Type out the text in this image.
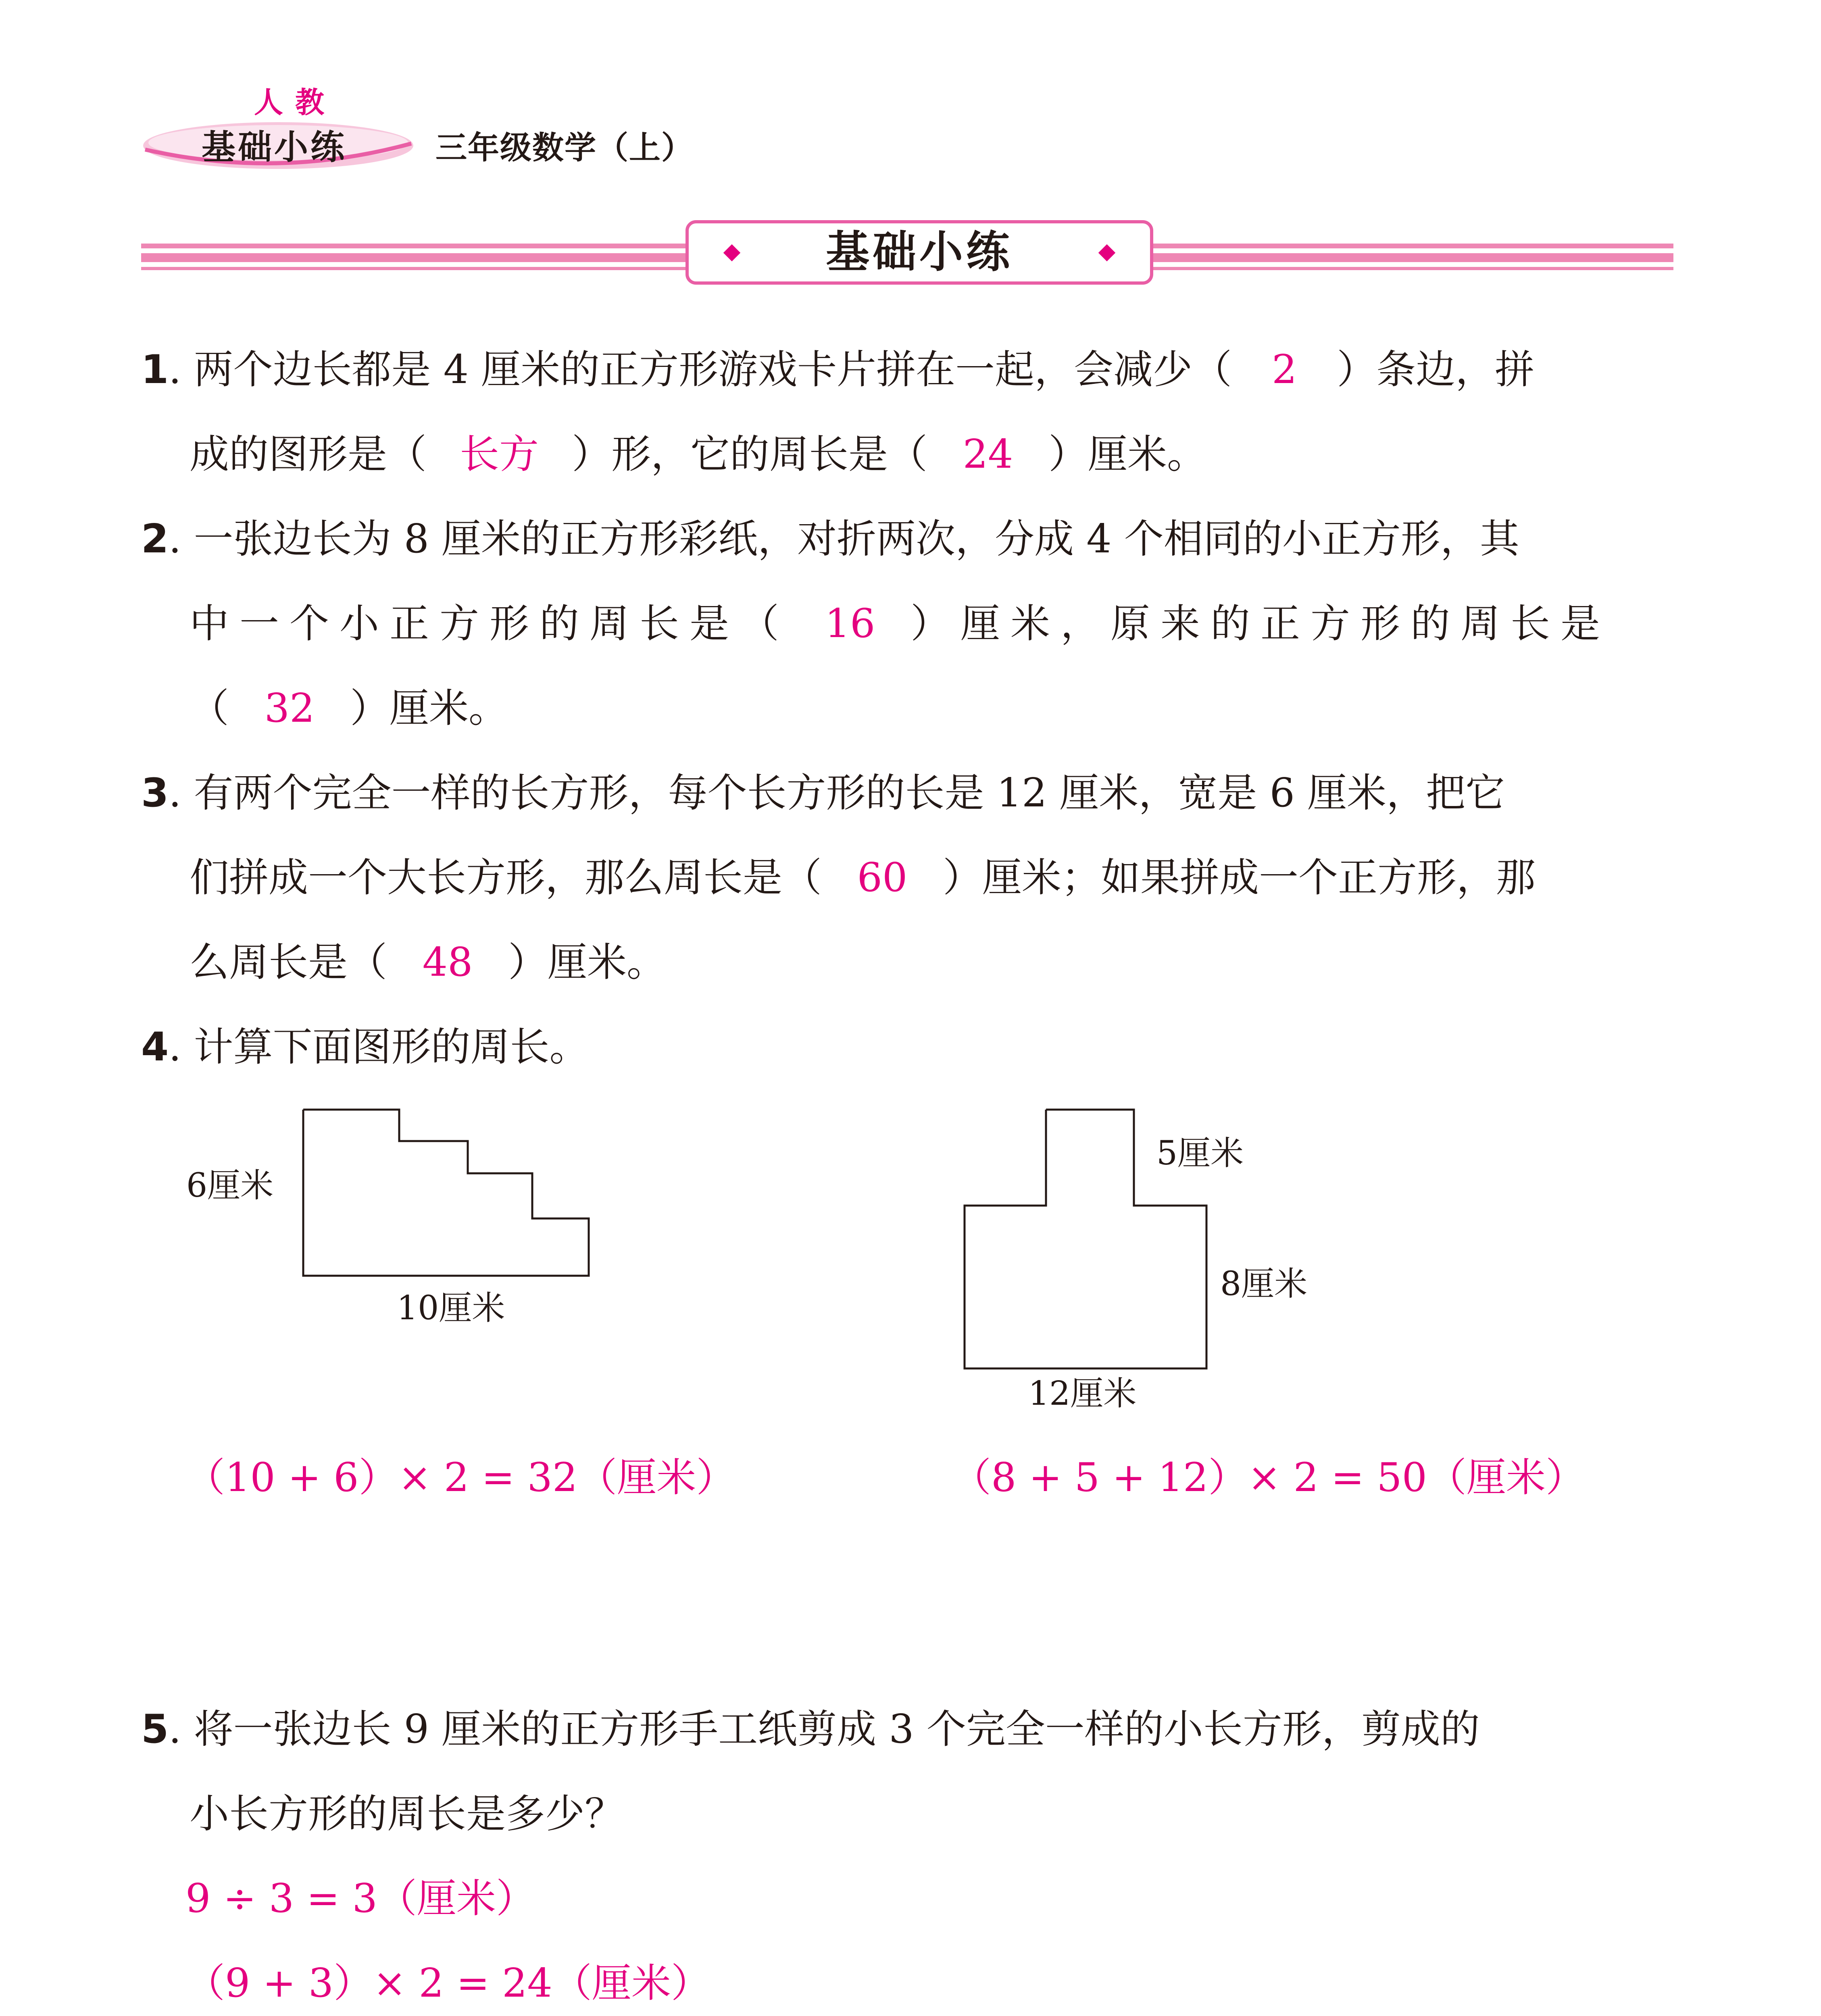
人教
基础小练	三年级数学（上）
基础小练
1. 两个边长都是 4 厘米的正方形游戏卡片拼在一起，会减少（ 2 ）条边，拼
成的图形是（ 长方 ）形，它的周长是（ 24 ）厘米。
2. 一张边长为 8 厘米的正方形彩纸，对折两次，分成 4 个相同的小正方形，其
中一个小正方形的周长是（ 16 ）厘米，原来的正方形的周长是
（ 32 ）厘米。
3. 有两个完全一样的长方形，每个长方形的长是 12 厘米，宽是 6 厘米，把它
们拼成一个大长方形，那么周长是（ 60 ）厘米；如果拼成一个正方形，那
么周长是（ 48 ）厘米。
4. 计算下面图形的周长。
6厘米
10厘米
5厘米
8厘米
12厘米
（10 + 6）× 2 = 32（厘米）	（8 + 5 + 12）× 2 = 50（厘米）
5. 将一张边长 9 厘米的正方形手工纸剪成 3 个完全一样的小长方形，剪成的
小长方形的周长是多少？
9 ÷ 3 = 3（厘米）
（9 + 3）× 2 = 24（厘米）
